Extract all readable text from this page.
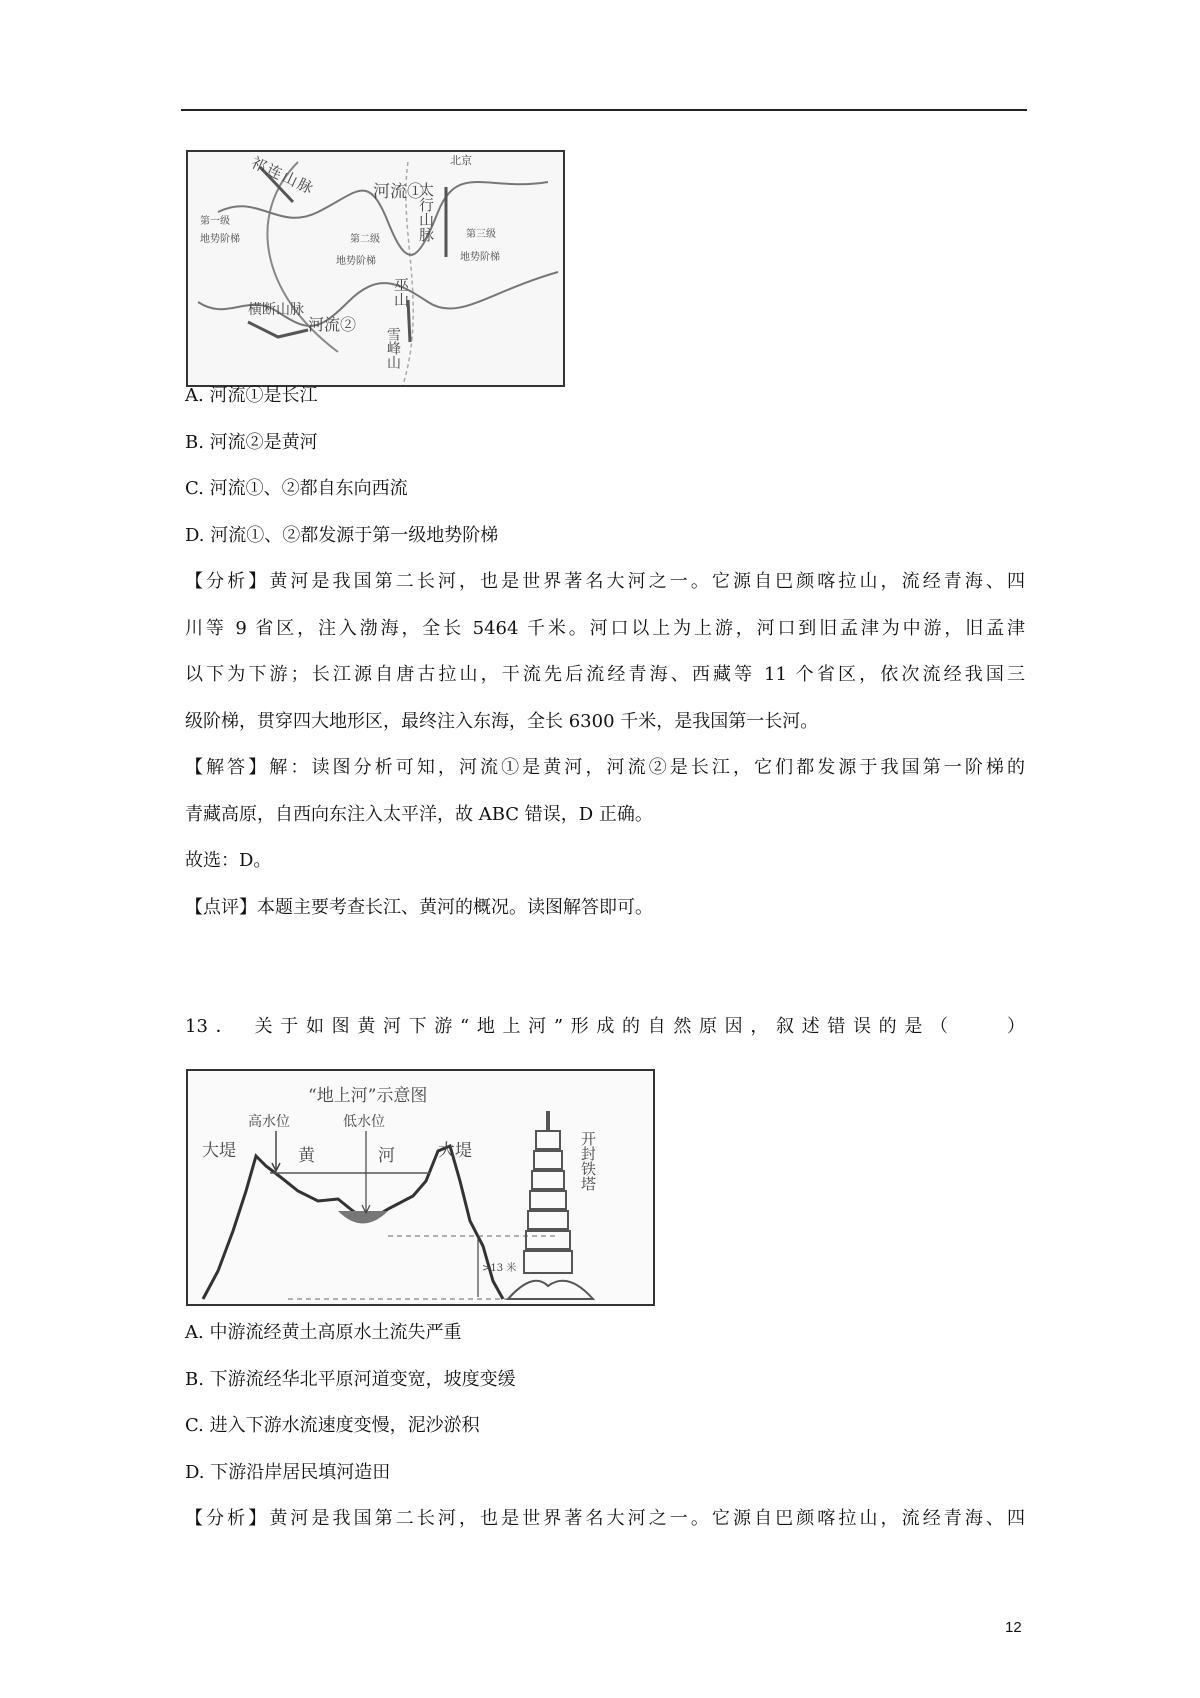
祁连山脉	北京
太行山脉
河流①
第一级
地势阶梯	第二级
地势阶梯
第三级
地势阶梯
巫山
横断山脉
河流②
雪峰山
A. 河流①是长江
B. 河流②是黄河
C. 河流①、②都自东向西流
D. 河流①、②都发源于第一级地势阶梯
【分析】黄河是我国第二长河，也是世界著名大河之一。它源自巴颜喀拉山，流经青海、四
川等 9 省区，注入渤海，全长 5464 千米。河口以上为上游，河口到旧孟津为中游，旧孟津
以下为下游；长江源自唐古拉山，干流先后流经青海、西藏等 11 个省区，依次流经我国三
级阶梯，贯穿四大地形区，最终注入东海，全长 6300 千米，是我国第一长河。
【解答】解：读图分析可知，河流①是黄河，河流②是长江，它们都发源于我国第一阶梯的
青藏高原，自西向东注入太平洋，故 ABC 错误，D 正确。
故选：D。
【点评】本题主要考查长江、黄河的概况。读图解答即可。
13． 关于如图黄河下游“地上河”形成的自然原因，叙述错误的是（　　）
“地上河”示意图
高水位	低水位
大堤	大堤
黄	河
>13 米
开封铁塔
A. 中游流经黄土高原水土流失严重
B. 下游流经华北平原河道变宽，坡度变缓
C. 进入下游水流速度变慢，泥沙淤积
D. 下游沿岸居民填河造田
【分析】黄河是我国第二长河，也是世界著名大河之一。它源自巴颜喀拉山，流经青海、四
12
